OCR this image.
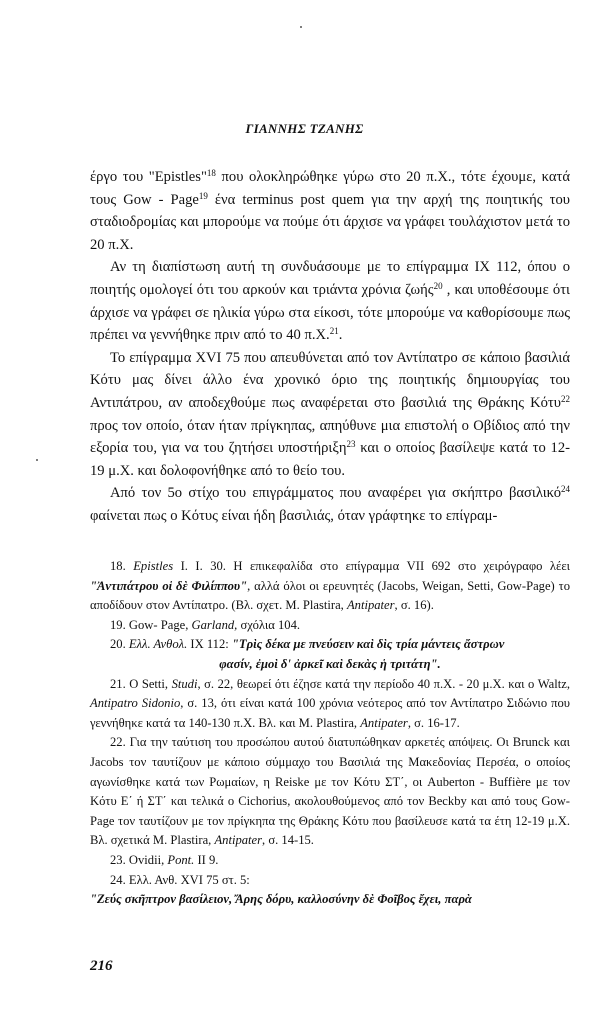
ΓΙΑΝΝΗΣ ΤΖΑΝΗΣ

έργο του "Epistles"$^{18}$ που ολοκληρώθηκε γύρω στο 20 π.Χ., τότε έχουμε, κατά τους Gow - Page$^{19}$ ένα terminus post quem για την αρχή της ποιητικής του σταδιοδρομίας και μπορούμε να πούμε ότι άρχισε να γράφει τουλάχιστον μετά το 20 π.Χ.

Αν τη διαπίστωση αυτή τη συνδυάσουμε με το επίγραμμα IX 112, όπου ο ποιητής ομολογεί ότι του αρκούν και τριάντα χρόνια ζωής$^{20}$ , και υποθέσουμε ότι άρχισε να γράφει σε ηλικία γύρω στα είκοσι, τότε μπορούμε να καθορίσουμε πως πρέπει να γεννήθηκε πριν από το 40 π.Χ.$^{21}$.

Το επίγραμμα XVI 75 που απευθύνεται από τον Αντίπατρο σε κάποιο βασιλιά Κότυ μας δίνει άλλο ένα χρονικό όριο της ποιητικής δημιουργίας του Αντιπάτρου, αν αποδεχθούμε πως αναφέρεται στο βασιλιά της Θράκης Κότυ$^{22}$ προς τον οποίο, όταν ήταν πρίγκηπας, απηύθυνε μια επιστολή ο Οβίδιος από την εξορία του, για να του ζητήσει υποστήριξη$^{23}$ και ο οποίος βασίλεψε κατά το 12- 19 μ.Χ. και δολοφονήθηκε από το θείο του.

Από τον 5ο στίχο του επιγράμματος που αναφέρει για σκήπτρο βασιλικό$^{24}$ φαίνεται πως ο Κότυς είναι ήδη βασιλιάς, όταν γράφτηκε το επίγραμ-

18. Epistles I. I. 30. Η επικεφαλίδα στο επίγραμμα VII 692 στο χειρόγραφο λέει "Ἀντιπάτρου οἱ δὲ Φιλίππου", αλλά όλοι οι ερευνητές (Jacobs, Weigan, Setti, Gow-Page) το αποδίδουν στον Αντίπατρο. (Βλ. σχετ. M. Plastira, Antipater, σ. 16).

19. Gow- Page, Garland, σχόλια 104.

20. Ελλ. Ανθολ. IX 112: "Τρὶς δέκα με πνεύσειν καὶ δὶς τρία μάντεις ἄστρων

φασίν, ἐμοὶ δ' ἀρκεῖ καὶ δεκὰς ἡ τριτάτη".

21. Ο Setti, Studi, σ. 22, θεωρεί ότι έζησε κατά την περίοδο 40 π.Χ. - 20 μ.Χ. και ο Waltz, Antipatro Sidonio, σ. 13, ότι είναι κατά 100 χρόνια νεότερος από τον Αντίπατρο Σιδώνιο που γεννήθηκε κατά τα 140-130 π.Χ. Βλ. και M. Plastira, Antipater, σ. 16-17.

22. Για την ταύτιση του προσώπου αυτού διατυπώθηκαν αρκετές απόψεις. Οι Brunck και Jacobs τον ταυτίζουν με κάποιο σύμμαχο του Βασιλιά της Μακεδονίας Περσέα, ο οποίος αγωνίσθηκε κατά των Ρωμαίων, η Reiske με τον Κότυ ΣΤ΄, οι Auberton - Buffière με τον Κότυ Ε΄ ή ΣΤ΄ και τελικά ο Cichorius, ακολουθούμενος από τον Beckby και από τους Gow- Page τον ταυτίζουν με τον πρίγκηπα της Θράκης Κότυ που βασίλευσε κατά τα έτη 12-19 μ.Χ. Βλ. σχετικά M. Plastira, Antipater, σ. 14-15.

23. Ovidii, Pont. II 9.

24. Ελλ. Ανθ. XVI 75 στ. 5:

"Ζεύς σκῆπτρον βασίλειον, Ἄρης δόρυ, καλλοσύνην δὲ Φοῖβος ἔχει, παρὰ

216
